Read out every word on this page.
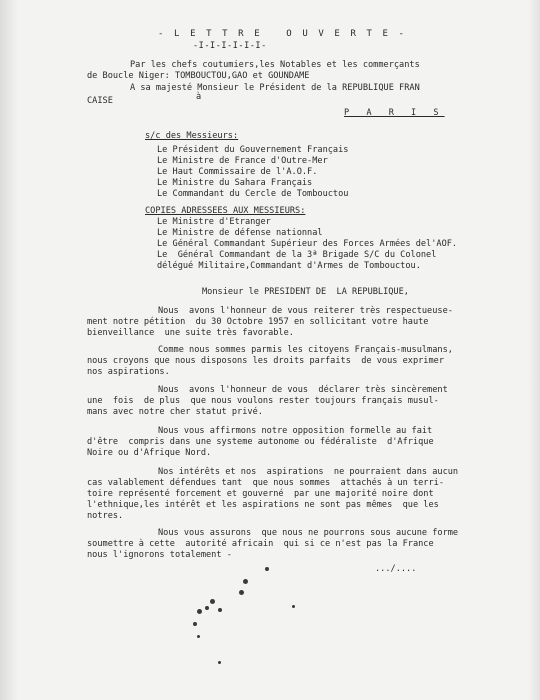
- L E T T R E   O U V E R T E -
-I-I-I-I-I-I-
Par les chefs coutumiers,les Notables et les commerçants
de Boucle Niger: TOMBOUCTOU,GAO et GOUNDAME
A sa majesté Monsieur le Président de la REPUBLIQUE FRAN
CAISE	à
P A R I S
s/c des Messieurs:
Le Président du Gouvernement Français
Le Ministre de France d'Outre-Mer
Le Haut Commissaire de l'A.O.F.
Le Ministre du Sahara Français
Le Commandant du Cercle de Tombouctou
COPIES ADRESSEES AUX MESSIEURS:
Le Ministre d'Etranger
Le Ministre de défense nationnal
Le Général Commandant Supérieur des Forces Armées del'AOF.
Le  Général Commandant de la 3ª Brigade S/C du Colonel
délégué Militaire,Commandant d'Armes de Tombouctou.
Monsieur le PRESIDENT DE  LA REPUBLIQUE,
Nous  avons l'honneur de vous reiterer très respectueuse-
ment notre pétition  du 30 Octobre 1957 en sollicitant votre haute
bienveillance  une suite très favorable.
Comme nous sommes parmis les citoyens Français-musulmans,
nous croyons que nous disposons les droits parfaits  de vous exprimer
nos aspirations.
Nous  avons l'honneur de vous  déclarer très sincèrement
une  fois  de plus  que nous voulons rester toujours français musul-
mans avec notre cher statut privé.
Nous vous affirmons notre opposition formelle au fait
d'être  compris dans une systeme autonome ou fédéraliste  d'Afrique
Noire ou d'Afrique Nord.
Nos intérêts et nos  aspirations  ne pourraient dans aucun
cas valablement défendues tant  que nous sommes  attachés à un terri-
toire représenté forcement et gouverné  par une majorité noire dont
l'ethnique,les intérêt et les aspirations ne sont pas mêmes  que les
notres.
Nous vous assurons  que nous ne pourrons sous aucune forme
soumettre à cette  autorité africain  qui si ce n'est pas la France
nous l'ignorons totalement -
.../....
